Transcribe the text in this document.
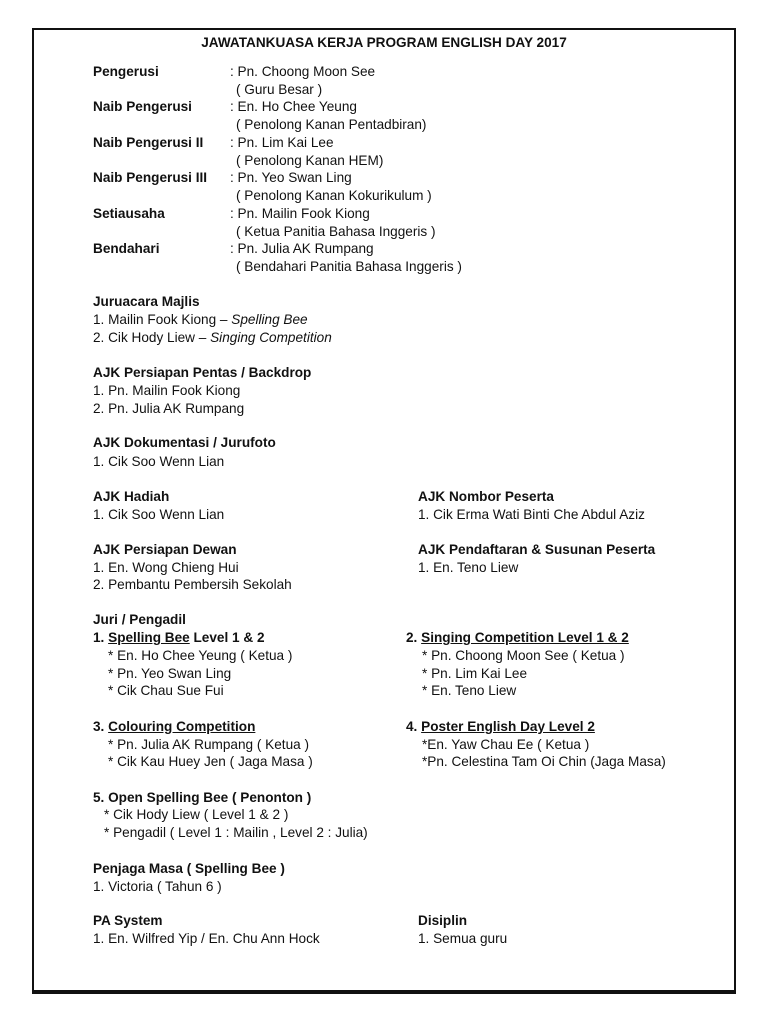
JAWATANKUASA KERJA PROGRAM ENGLISH DAY 2017
Pengerusi	: Pn. Choong Moon See
( Guru Besar )
Naib Pengerusi	: En. Ho Chee Yeung
( Penolong Kanan Pentadbiran)
Naib Pengerusi II : Pn. Lim Kai Lee
( Penolong Kanan HEM)
Naib Pengerusi III : Pn. Yeo Swan Ling
( Penolong Kanan Kokurikulum )
Setiausaha	: Pn. Mailin Fook Kiong
( Ketua Panitia Bahasa Inggeris )
Bendahari	: Pn. Julia AK Rumpang
( Bendahari Panitia Bahasa Inggeris )
Juruacara Majlis
1. Mailin Fook Kiong – Spelling Bee
2. Cik Hody Liew – Singing Competition
AJK Persiapan Pentas / Backdrop
1. Pn. Mailin Fook Kiong
2. Pn. Julia AK Rumpang
AJK Dokumentasi / Jurufoto
1. Cik Soo Wenn Lian
AJK Hadiah
1. Cik Soo Wenn Lian
AJK Nombor Peserta
1. Cik Erma Wati Binti Che Abdul Aziz
AJK Persiapan Dewan
1. En. Wong Chieng Hui
2. Pembantu Pembersih Sekolah
AJK Pendaftaran & Susunan Peserta
1. En. Teno Liew
Juri / Pengadil
1. Spelling Bee Level 1 & 2
* En. Ho Chee Yeung ( Ketua )
* Pn. Yeo Swan Ling
* Cik Chau Sue Fui
2. Singing Competition Level 1 & 2
* Pn. Choong Moon See ( Ketua )
* Pn. Lim Kai Lee
* En. Teno Liew
3. Colouring Competition
* Pn. Julia AK Rumpang ( Ketua )
* Cik Kau Huey Jen ( Jaga Masa )
4. Poster English Day Level 2
*En. Yaw Chau Ee ( Ketua )
*Pn. Celestina Tam Oi Chin (Jaga Masa)
5. Open Spelling Bee ( Penonton )
* Cik Hody Liew ( Level 1 & 2 )
* Pengadil ( Level 1 : Mailin , Level 2 : Julia)
Penjaga Masa ( Spelling Bee )
1. Victoria ( Tahun 6 )
PA System
1. En. Wilfred Yip / En. Chu Ann Hock
Disiplin
1. Semua guru
